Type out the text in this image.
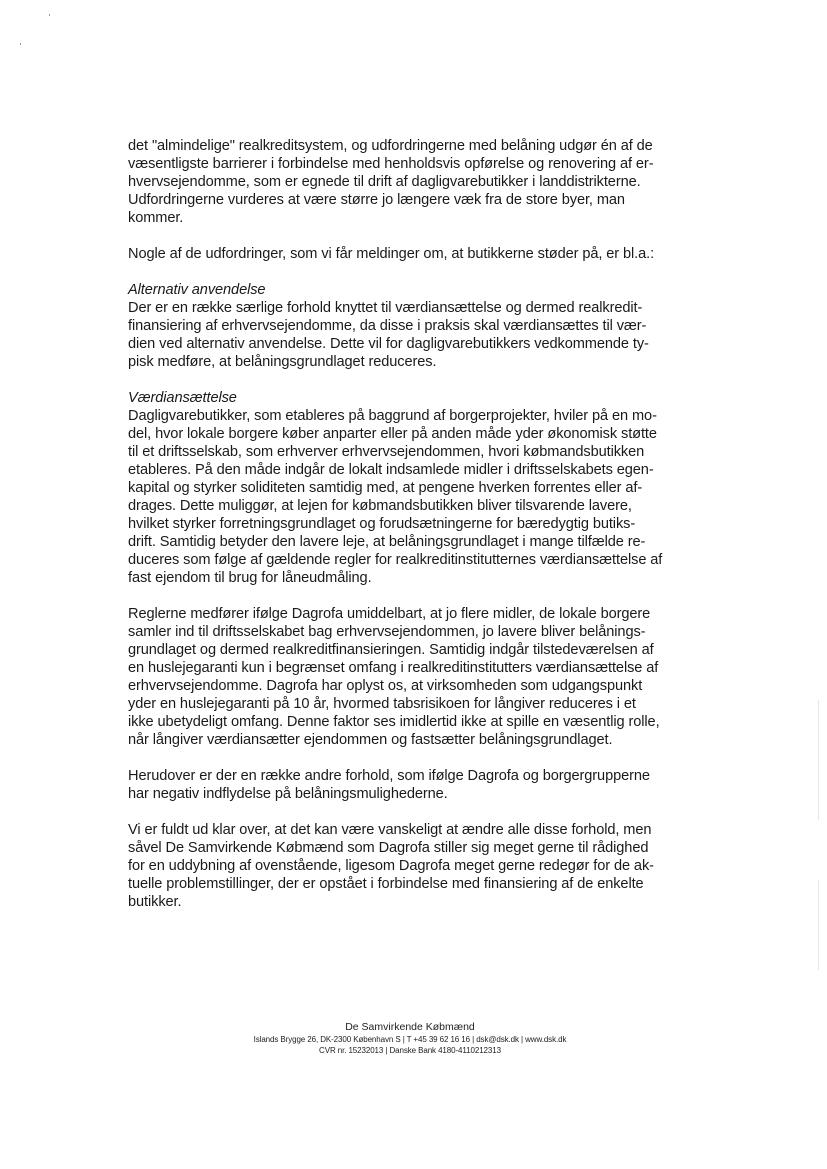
det "almindelige" realkreditsystem, og udfordringerne med belåning udgør én af de
væsentligste barrierer i forbindelse med henholdsvis opførelse og renovering af er-
hvervsejendomme, som er egnede til drift af dagligvarebutikker i landdistrikterne.
Udfordringerne vurderes at være større jo længere væk fra de store byer, man
kommer.

Nogle af de udfordringer, som vi får meldinger om, at butikkerne støder på, er bl.a.:

Alternativ anvendelse

Der er en række særlige forhold knyttet til værdiansættelse og dermed realkredit-
finansiering af erhvervsejendomme, da disse i praksis skal værdiansættes til vær-
dien ved alternativ anvendelse. Dette vil for dagligvarebutikkers vedkommende ty-
pisk medføre, at belåningsgrundlaget reduceres.

Værdiansættelse

Dagligvarebutikker, som etableres på baggrund af borgerprojekter, hviler på en mo-
del, hvor lokale borgere køber anparter eller på anden måde yder økonomisk støtte
til et driftsselskab, som erhverver erhvervsejendommen, hvori købmandsbutikken
etableres. På den måde indgår de lokalt indsamlede midler i driftsselskabets egen-
kapital og styrker soliditeten samtidig med, at pengene hverken forrentes eller af-
drages. Dette muliggør, at lejen for købmandsbutikken bliver tilsvarende lavere,
hvilket styrker forretningsgrundlaget og forudsætningerne for bæredygtig butiks-
drift. Samtidig betyder den lavere leje, at belåningsgrundlaget i mange tilfælde re-
duceres som følge af gældende regler for realkreditinstitutternes værdiansættelse af
fast ejendom til brug for låneudmåling.

Reglerne medfører ifølge Dagrofa umiddelbart, at jo flere midler, de lokale borgere
samler ind til driftsselskabet bag erhvervsejendommen, jo lavere bliver belånings-
grundlaget og dermed realkreditfinansieringen. Samtidig indgår tilstedeværelsen af
en huslejegaranti kun i begrænset omfang i realkreditinstitutters værdiansættelse af
erhvervsejendomme. Dagrofa har oplyst os, at virksomheden som udgangspunkt
yder en huslejegaranti på 10 år, hvormed tabsrisikoen for långiver reduceres i et
ikke ubetydeligt omfang. Denne faktor ses imidlertid ikke at spille en væsentlig rolle,
når långiver værdiansætter ejendommen og fastsætter belåningsgrundlaget.

Herudover er der en række andre forhold, som ifølge Dagrofa og borgergrupperne
har negativ indflydelse på belåningsmulighederne.

Vi er fuldt ud klar over, at det kan være vanskeligt at ændre alle disse forhold, men
såvel De Samvirkende Købmænd som Dagrofa stiller sig meget gerne til rådighed
for en uddybning af ovenstående, ligesom Dagrofa meget gerne redegør for de ak-
tuelle problemstillinger, der er opstået i forbindelse med finansiering af de enkelte
butikker.

De Samvirkende Købmænd
Islands Brygge 26, DK-2300 København S | T +45 39 62 16 16 | dsk@dsk.dk | www.dsk.dk
CVR nr. 15232013 | Danske Bank 4180-4110212313
